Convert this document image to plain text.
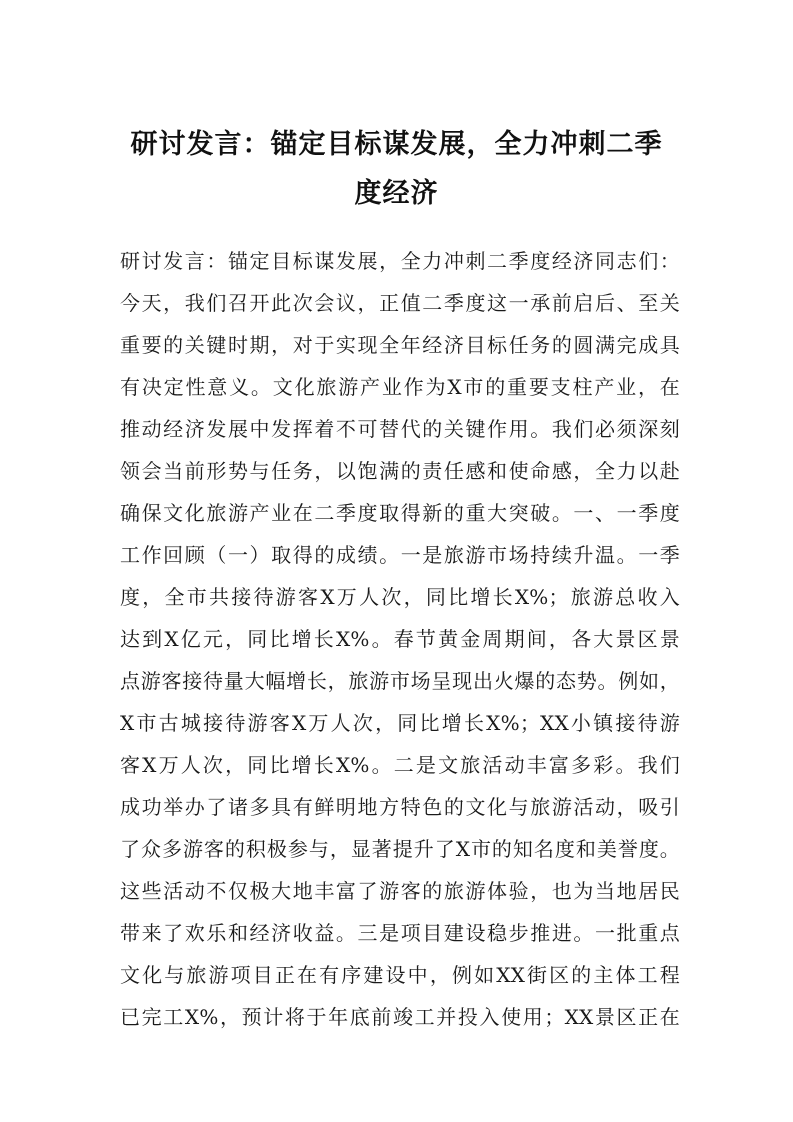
研讨发言：锚定目标谋发展，全力冲刺二季
度经济
研讨发言：锚定目标谋发展，全力冲刺二季度经济同志们：
今天，我们召开此次会议，正值二季度这一承前启后、至关
重要的关键时期，对于实现全年经济目标任务的圆满完成具
有决定性意义。文化旅游产业作为X市的重要支柱产业，在
推动经济发展中发挥着不可替代的关键作用。我们必须深刻
领会当前形势与任务，以饱满的责任感和使命感，全力以赴
确保文化旅游产业在二季度取得新的重大突破。一、一季度
工作回顾（一）取得的成绩。一是旅游市场持续升温。一季
度，全市共接待游客X万人次，同比增长X%；旅游总收入
达到X亿元，同比增长X%。春节黄金周期间，各大景区景
点游客接待量大幅增长，旅游市场呈现出火爆的态势。例如，
X市古城接待游客X万人次，同比增长X%；XX小镇接待游
客X万人次，同比增长X%。二是文旅活动丰富多彩。我们
成功举办了诸多具有鲜明地方特色的文化与旅游活动，吸引
了众多游客的积极参与，显著提升了X市的知名度和美誉度。
这些活动不仅极大地丰富了游客的旅游体验，也为当地居民
带来了欢乐和经济收益。三是项目建设稳步推进。一批重点
文化与旅游项目正在有序建设中，例如XX街区的主体工程
已完工X%，预计将于年底前竣工并投入使用；XX景区正在
